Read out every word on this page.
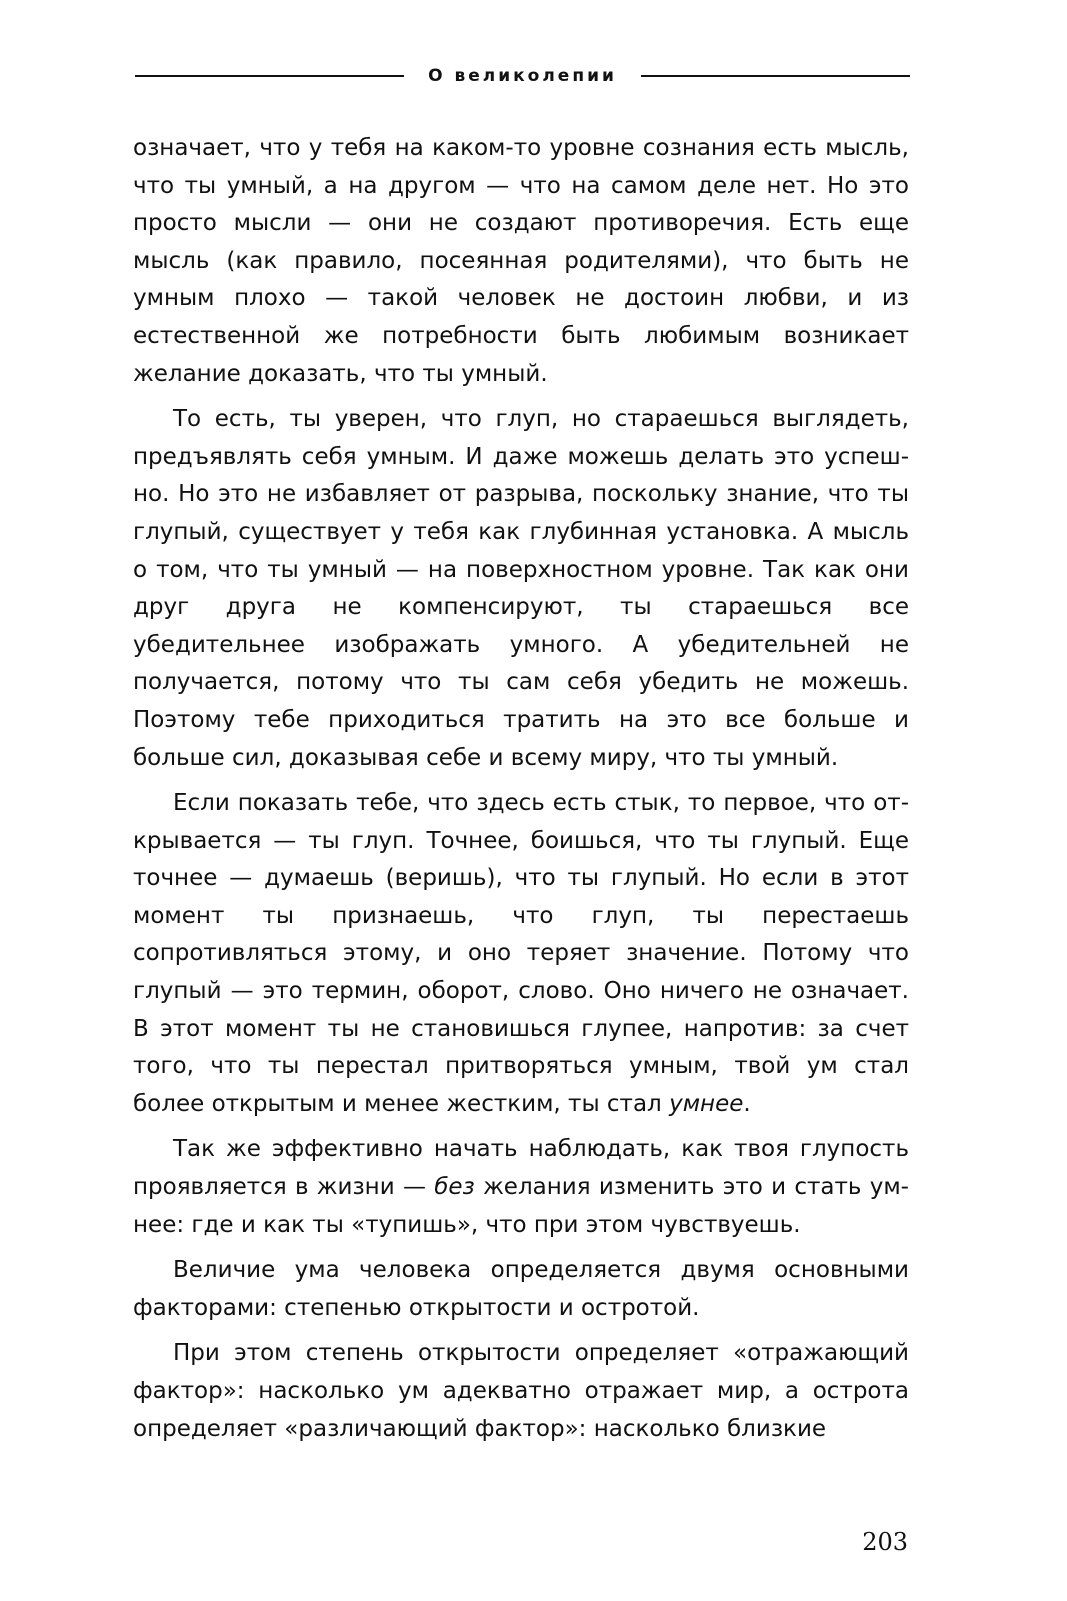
О великолепии

означает, что у тебя на каком-то уровне сознания есть мысль, что ты умный, а на другом — что на самом деле нет. Но это просто мысли — они не создают противоречия. Есть еще мысль (как правило, посеянная родителями), что быть не умным плохо — такой человек не достоин любви, и из естественной же потребности быть любимым возникает желание доказать, что ты умный.

То есть, ты уверен, что глуп, но стараешься выглядеть, предъявлять себя умным. И даже можешь делать это успешно. Но это не избавляет от разрыва, поскольку знание, что ты глупый, существует у тебя как глубинная установка. А мысль о том, что ты умный — на поверхностном уровне. Так как они друг друга не компенсируют, ты стараешься все убедительнее изображать умного. А убедительней не получается, потому что ты сам себя убедить не можешь. Поэтому тебе приходиться тратить на это все больше и больше сил, доказывая себе и всему миру, что ты умный.

Если показать тебе, что здесь есть стык, то первое, что открывается — ты глуп. Точнее, боишься, что ты глупый. Еще точнее — думаешь (веришь), что ты глупый. Но если в этот момент ты признаешь, что глуп, ты перестаешь сопротивляться этому, и оно теряет значение. Потому что глупый — это термин, оборот, слово. Оно ничего не означает. В этот момент ты не становишься глупее, напротив: за счет того, что ты перестал притворяться умным, твой ум стал более открытым и менее жестким, ты стал умнее.

Так же эффективно начать наблюдать, как твоя глупость проявляется в жизни — без желания изменить это и стать умнее: где и как ты «тупишь», что при этом чувствуешь.

Величие ума человека определяется двумя основными факторами: степенью открытости и остротой.

При этом степень открытости определяет «отражающий фактор»: насколько ум адекватно отражает мир, а острота определяет «различающий фактор»: насколько близкие

203
